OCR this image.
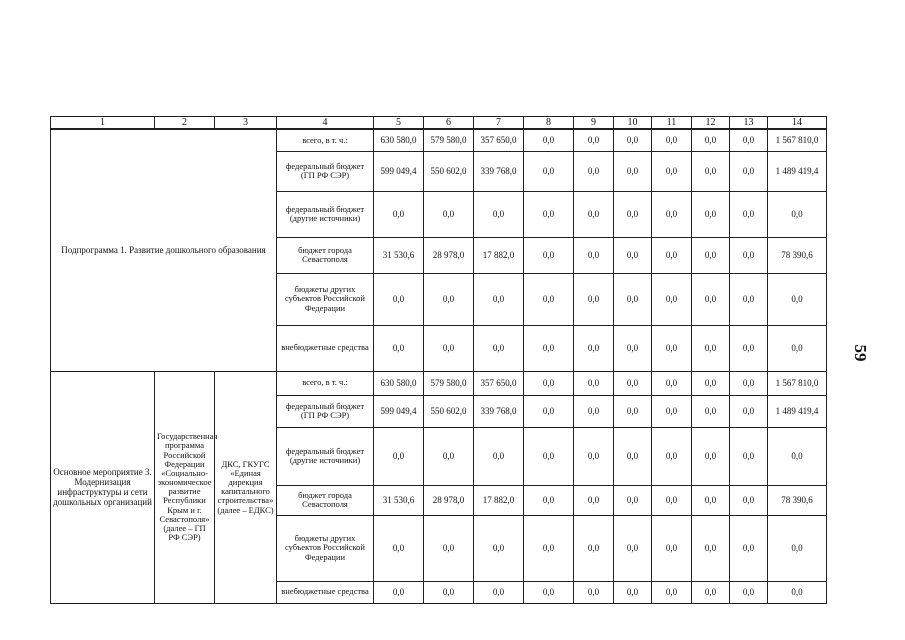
59
1	2	3	4	5	6	7	8	9	10	11	12	13	14
Подпрограмма 1. Развитие дошкольного образования			всего, в т. ч.:	630 580,0	579 580,0	357 650,0	0,0	0,0	0,0	0,0	0,0	0,0	1 567 810,0
			федеральный бюджет (ГП РФ СЭР)	599 049,4	550 602,0	339 768,0	0,0	0,0	0,0	0,0	0,0	0,0	1 489 419,4
			федеральный бюджет (другие источники)	0,0	0,0	0,0	0,0	0,0	0,0	0,0	0,0	0,0	0,0
			бюджет города Севастополя	31 530,6	28 978,0	17 882,0	0,0	0,0	0,0	0,0	0,0	0,0	78 390,6
			бюджеты других субъектов Российской Федерации	0,0	0,0	0,0	0,0	0,0	0,0	0,0	0,0	0,0	0,0
			внебюджетные средства	0,0	0,0	0,0	0,0	0,0	0,0	0,0	0,0	0,0	0,0
Основное мероприятие 3. Модернизация инфраструктуры и сети дошкольных организаций	Государственная программа Российской Федерации «Социально-экономическое развитие Республики Крым и г. Севастополя» (далее – ГП РФ СЭР)	ДКС, ГКУГС «Единая дирекция капитального строительства» (далее – ЕДКС)	всего, в т. ч.:	630 580,0	579 580,0	357 650,0	0,0	0,0	0,0	0,0	0,0	0,0	1 567 810,0
			федеральный бюджет (ГП РФ СЭР)	599 049,4	550 602,0	339 768,0	0,0	0,0	0,0	0,0	0,0	0,0	1 489 419,4
			федеральный бюджет (другие источники)	0,0	0,0	0,0	0,0	0,0	0,0	0,0	0,0	0,0	0,0
			бюджет города Севастополя	31 530,6	28 978,0	17 882,0	0,0	0,0	0,0	0,0	0,0	0,0	78 390,6
			бюджеты других субъектов Российской Федерации	0,0	0,0	0,0	0,0	0,0	0,0	0,0	0,0	0,0	0,0
			внебюджетные средства	0,0	0,0	0,0	0,0	0,0	0,0	0,0	0,0	0,0	0,0
